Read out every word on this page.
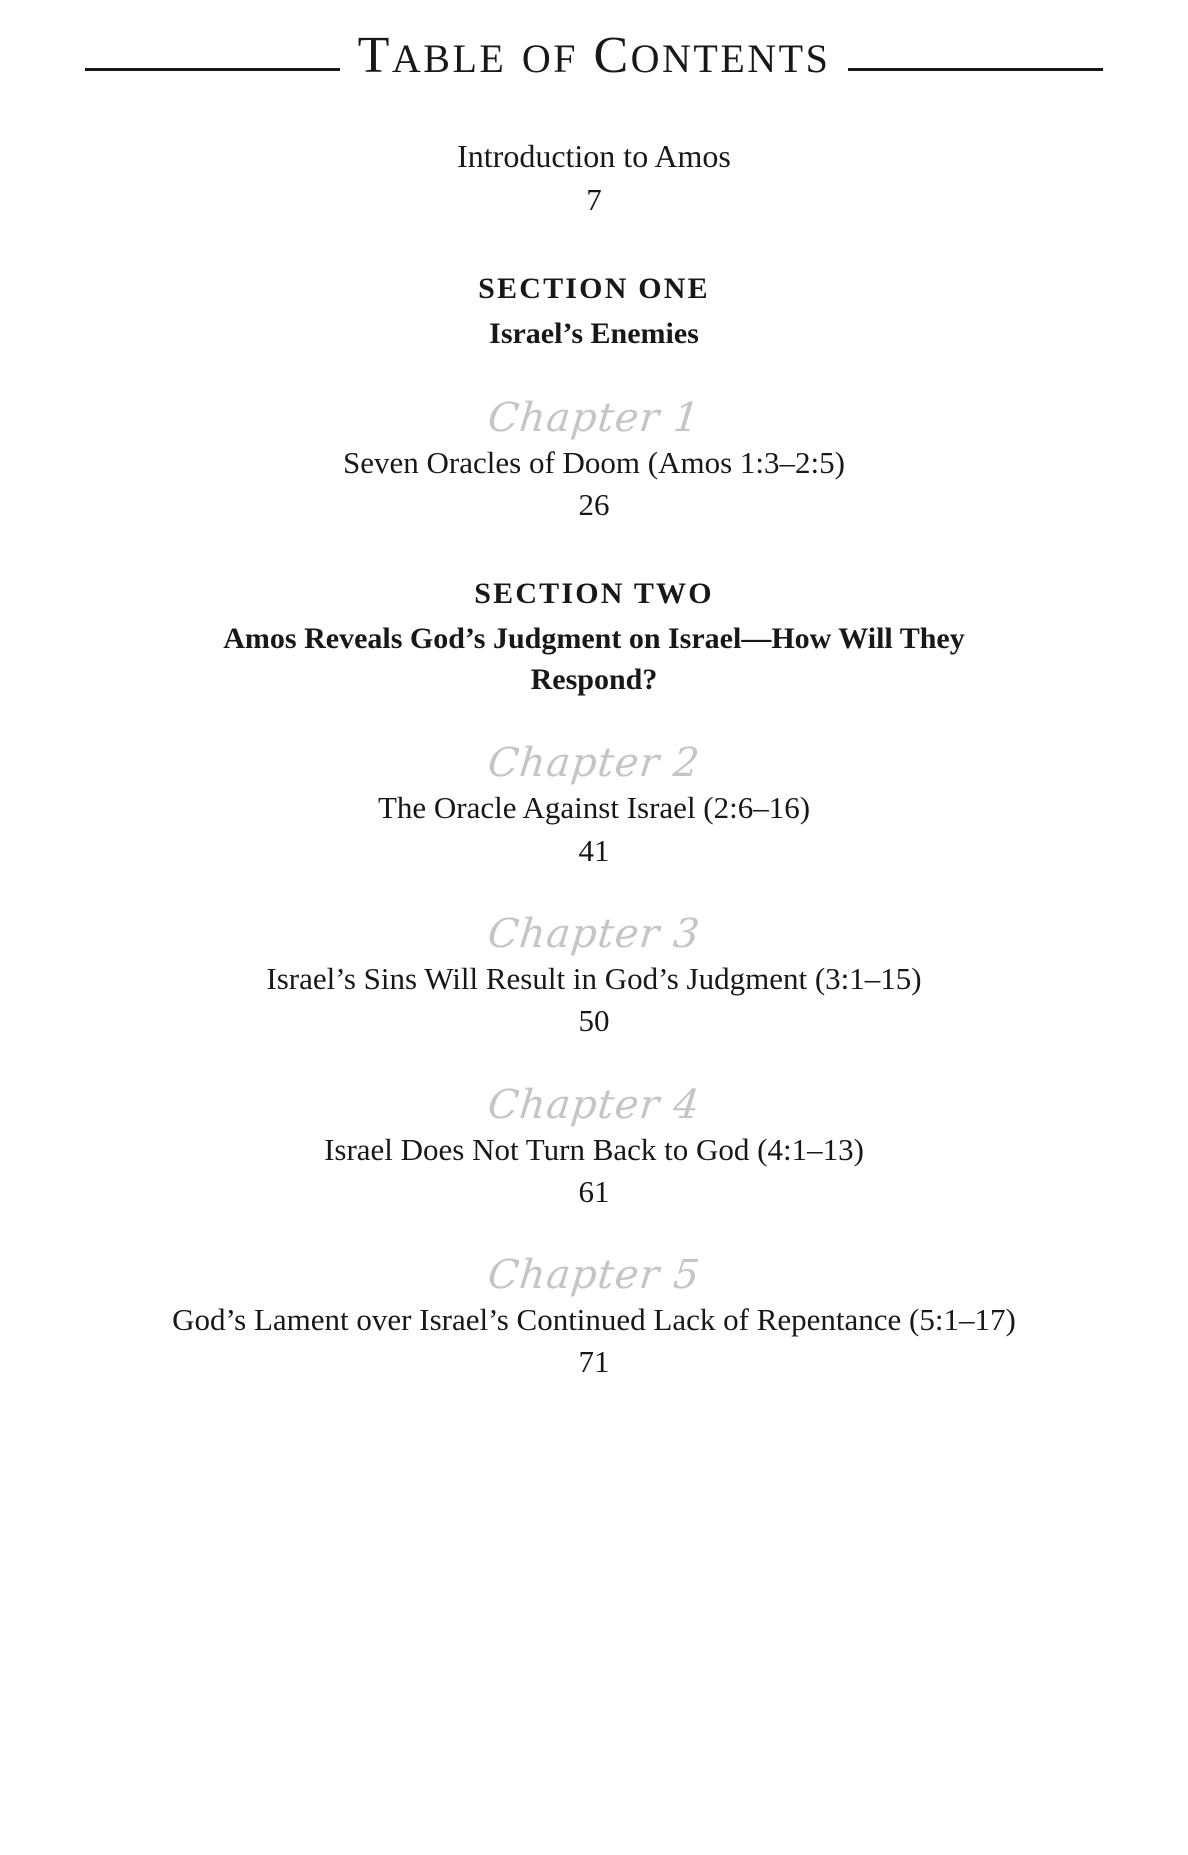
TABLE OF CONTENTS

Introduction to Amos

7

SECTION ONE

Israel’s Enemies

Chapter 1

Seven Oracles of Doom (Amos 1:3–2:5)

26

SECTION TWO

Amos Reveals God’s Judgment on Israel—How Will They Respond?

Chapter 2

The Oracle Against Israel (2:6–16)

41

Chapter 3

Israel’s Sins Will Result in God’s Judgment (3:1–15)

50

Chapter 4

Israel Does Not Turn Back to God (4:1–13)

61

Chapter 5

God’s Lament over Israel’s Continued Lack of Repentance (5:1–17)

71
